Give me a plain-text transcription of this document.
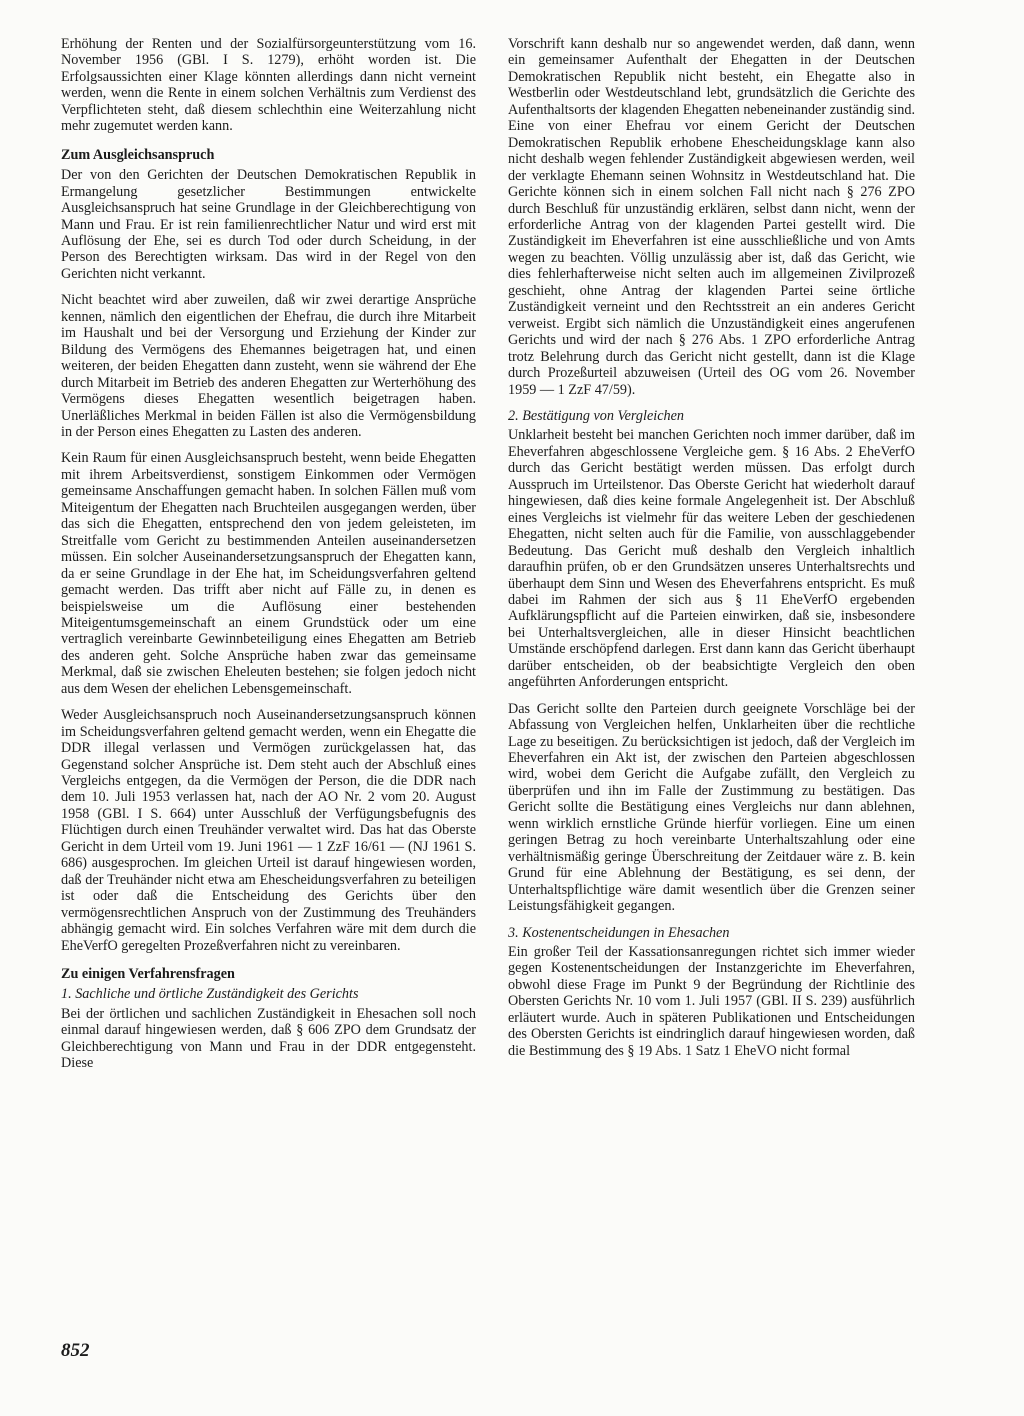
Erhöhung der Renten und der Sozialfürsorgeunterstützung vom 16. November 1956 (GBl. I S. 1279), erhöht worden ist. Die Erfolgsaussichten einer Klage könnten allerdings dann nicht verneint werden, wenn die Rente in einem solchen Verhältnis zum Verdienst des Verpflichteten steht, daß diesem schlechthin eine Weiterzahlung nicht mehr zugemutet werden kann.

Zum Ausgleichsanspruch

Der von den Gerichten der Deutschen Demokratischen Republik in Ermangelung gesetzlicher Bestimmungen entwickelte Ausgleichsanspruch hat seine Grundlage in der Gleichberechtigung von Mann und Frau. Er ist rein familienrechtlicher Natur und wird erst mit Auflösung der Ehe, sei es durch Tod oder durch Scheidung, in der Person des Berechtigten wirksam. Das wird in der Regel von den Gerichten nicht verkannt.

Nicht beachtet wird aber zuweilen, daß wir zwei derartige Ansprüche kennen, nämlich den eigentlichen der Ehefrau, die durch ihre Mitarbeit im Haushalt und bei der Versorgung und Erziehung der Kinder zur Bildung des Vermögens des Ehemannes beigetragen hat, und einen weiteren, der beiden Ehegatten dann zusteht, wenn sie während der Ehe durch Mitarbeit im Betrieb des anderen Ehegatten zur Werterhöhung des Vermögens dieses Ehegatten wesentlich beigetragen haben. Unerläßliches Merkmal in beiden Fällen ist also die Vermögensbildung in der Person eines Ehegatten zu Lasten des anderen.

Kein Raum für einen Ausgleichsanspruch besteht, wenn beide Ehegatten mit ihrem Arbeitsverdienst, sonstigem Einkommen oder Vermögen gemeinsame Anschaffungen gemacht haben. In solchen Fällen muß vom Miteigentum der Ehegatten nach Bruchteilen ausgegangen werden, über das sich die Ehegatten, entsprechend den von jedem geleisteten, im Streitfalle vom Gericht zu bestimmenden Anteilen auseinandersetzen müssen. Ein solcher Auseinandersetzungsanspruch der Ehegatten kann, da er seine Grundlage in der Ehe hat, im Scheidungsverfahren geltend gemacht werden. Das trifft aber nicht auf Fälle zu, in denen es beispielsweise um die Auflösung einer bestehenden Miteigentumsgemeinschaft an einem Grundstück oder um eine vertraglich vereinbarte Gewinnbeteiligung eines Ehegatten am Betrieb des anderen geht. Solche Ansprüche haben zwar das gemeinsame Merkmal, daß sie zwischen Eheleuten bestehen; sie folgen jedoch nicht aus dem Wesen der ehelichen Lebensgemeinschaft.

Weder Ausgleichsanspruch noch Auseinandersetzungsanspruch können im Scheidungsverfahren geltend gemacht werden, wenn ein Ehegatte die DDR illegal verlassen und Vermögen zurückgelassen hat, das Gegenstand solcher Ansprüche ist. Dem steht auch der Abschluß eines Vergleichs entgegen, da die Vermögen der Person, die die DDR nach dem 10. Juli 1953 verlassen hat, nach der AO Nr. 2 vom 20. August 1958 (GBl. I S. 664) unter Ausschluß der Verfügungsbefugnis des Flüchtigen durch einen Treuhänder verwaltet wird. Das hat das Oberste Gericht in dem Urteil vom 19. Juni 1961 — 1 ZzF 16/61 — (NJ 1961 S. 686) ausgesprochen. Im gleichen Urteil ist darauf hingewiesen worden, daß der Treuhänder nicht etwa am Ehescheidungsverfahren zu beteiligen ist oder daß die Entscheidung des Gerichts über den vermögensrechtlichen Anspruch von der Zustimmung des Treuhänders abhängig gemacht wird. Ein solches Verfahren wäre mit dem durch die EheVerfO geregelten Prozeßverfahren nicht zu vereinbaren.

Zu einigen Verfahrensfragen
1. Sachliche und örtliche Zuständigkeit des Gerichts

Bei der örtlichen und sachlichen Zuständigkeit in Ehesachen soll noch einmal darauf hingewiesen werden, daß § 606 ZPO dem Grundsatz der Gleichberechtigung von Mann und Frau in der DDR entgegensteht. Diese

Vorschrift kann deshalb nur so angewendet werden, daß dann, wenn ein gemeinsamer Aufenthalt der Ehegatten in der Deutschen Demokratischen Republik nicht besteht, ein Ehegatte also in Westberlin oder Westdeutschland lebt, grundsätzlich die Gerichte des Aufenthaltsorts der klagenden Ehegatten nebeneinander zuständig sind. Eine von einer Ehefrau vor einem Gericht der Deutschen Demokratischen Republik erhobene Ehescheidungsklage kann also nicht deshalb wegen fehlender Zuständigkeit abgewiesen werden, weil der verklagte Ehemann seinen Wohnsitz in Westdeutschland hat. Die Gerichte können sich in einem solchen Fall nicht nach § 276 ZPO durch Beschluß für unzuständig erklären, selbst dann nicht, wenn der erforderliche Antrag von der klagenden Partei gestellt wird. Die Zuständigkeit im Eheverfahren ist eine ausschließliche und von Amts wegen zu beachten. Völlig unzulässig aber ist, daß das Gericht, wie dies fehlerhafterweise nicht selten auch im allgemeinen Zivilprozeß geschieht, ohne Antrag der klagenden Partei seine örtliche Zuständigkeit verneint und den Rechtsstreit an ein anderes Gericht verweist. Ergibt sich nämlich die Unzuständigkeit eines angerufenen Gerichts und wird der nach § 276 Abs. 1 ZPO erforderliche Antrag trotz Belehrung durch das Gericht nicht gestellt, dann ist die Klage durch Prozeßurteil abzuweisen (Urteil des OG vom 26. November 1959 — 1 ZzF 47/59).

2. Bestätigung von Vergleichen

Unklarheit besteht bei manchen Gerichten noch immer darüber, daß im Eheverfahren abgeschlossene Vergleiche gem. § 16 Abs. 2 EheVerfO durch das Gericht bestätigt werden müssen. Das erfolgt durch Ausspruch im Urteilstenor. Das Oberste Gericht hat wiederholt darauf hingewiesen, daß dies keine formale Angelegenheit ist. Der Abschluß eines Vergleichs ist vielmehr für das weitere Leben der geschiedenen Ehegatten, nicht selten auch für die Familie, von ausschlaggebender Bedeutung. Das Gericht muß deshalb den Vergleich inhaltlich daraufhin prüfen, ob er den Grundsätzen unseres Unterhaltsrechts und überhaupt dem Sinn und Wesen des Eheverfahrens entspricht. Es muß dabei im Rahmen der sich aus § 11 EheVerfO ergebenden Aufklärungspflicht auf die Parteien einwirken, daß sie, insbesondere bei Unterhaltsvergleichen, alle in dieser Hinsicht beachtlichen Umstände erschöpfend darlegen. Erst dann kann das Gericht überhaupt darüber entscheiden, ob der beabsichtigte Vergleich den oben angeführten Anforderungen entspricht.

Das Gericht sollte den Parteien durch geeignete Vorschläge bei der Abfassung von Vergleichen helfen, Unklarheiten über die rechtliche Lage zu beseitigen. Zu berücksichtigen ist jedoch, daß der Vergleich im Eheverfahren ein Akt ist, der zwischen den Parteien abgeschlossen wird, wobei dem Gericht die Aufgabe zufällt, den Vergleich zu überprüfen und ihn im Falle der Zustimmung zu bestätigen. Das Gericht sollte die Bestätigung eines Vergleichs nur dann ablehnen, wenn wirklich ernstliche Gründe hierfür vorliegen. Eine um einen geringen Betrag zu hoch vereinbarte Unterhaltszahlung oder eine verhältnismäßig geringe Überschreitung der Zeitdauer wäre z. B. kein Grund für eine Ablehnung der Bestätigung, es sei denn, der Unterhaltspflichtige wäre damit wesentlich über die Grenzen seiner Leistungsfähigkeit gegangen.

3. Kostenentscheidungen in Ehesachen

Ein großer Teil der Kassationsanregungen richtet sich immer wieder gegen Kostenentscheidungen der Instanzgerichte im Eheverfahren, obwohl diese Frage im Punkt 9 der Begründung der Richtlinie des Obersten Gerichts Nr. 10 vom 1. Juli 1957 (GBl. II S. 239) ausführlich erläutert wurde. Auch in späteren Publikationen und Entscheidungen des Obersten Gerichts ist eindringlich darauf hingewiesen worden, daß die Bestimmung des § 19 Abs. 1 Satz 1 EheVO nicht formal

852
